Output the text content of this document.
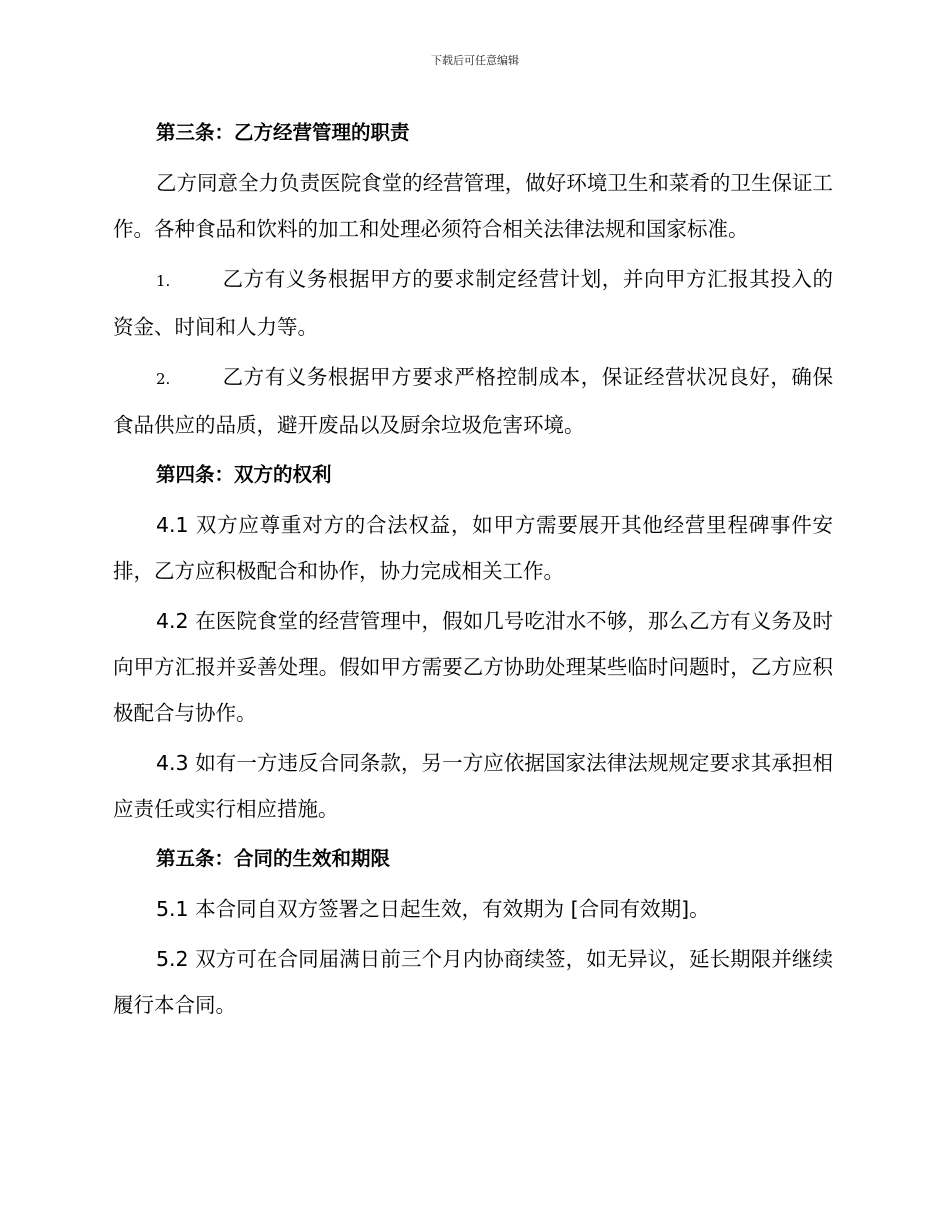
下载后可任意编辑

第三条：乙方经营管理的职责

乙方同意全力负责医院食堂的经营管理，做好环境卫生和菜肴的卫生保证工作。各种食品和饮料的加工和处理必须符合相关法律法规和国家标准。

1.	乙方有义务根据甲方的要求制定经营计划，并向甲方汇报其投入的资金、时间和人力等。

2.	乙方有义务根据甲方要求严格控制成本，保证经营状况良好，确保食品供应的品质，避开废品以及厨余垃圾危害环境。

第四条：双方的权利

4.1 双方应尊重对方的合法权益，如甲方需要展开其他经营里程碑事件安排，乙方应积极配合和协作，协力完成相关工作。

4.2 在医院食堂的经营管理中，假如几号吃泔水不够，那么乙方有义务及时向甲方汇报并妥善处理。假如甲方需要乙方协助处理某些临时问题时，乙方应积极配合与协作。

4.3 如有一方违反合同条款，另一方应依据国家法律法规规定要求其承担相应责任或实行相应措施。

第五条：合同的生效和期限

5.1 本合同自双方签署之日起生效，有效期为 [合同有效期]。

5.2 双方可在合同届满日前三个月内协商续签，如无异议，延长期限并继续履行本合同。
